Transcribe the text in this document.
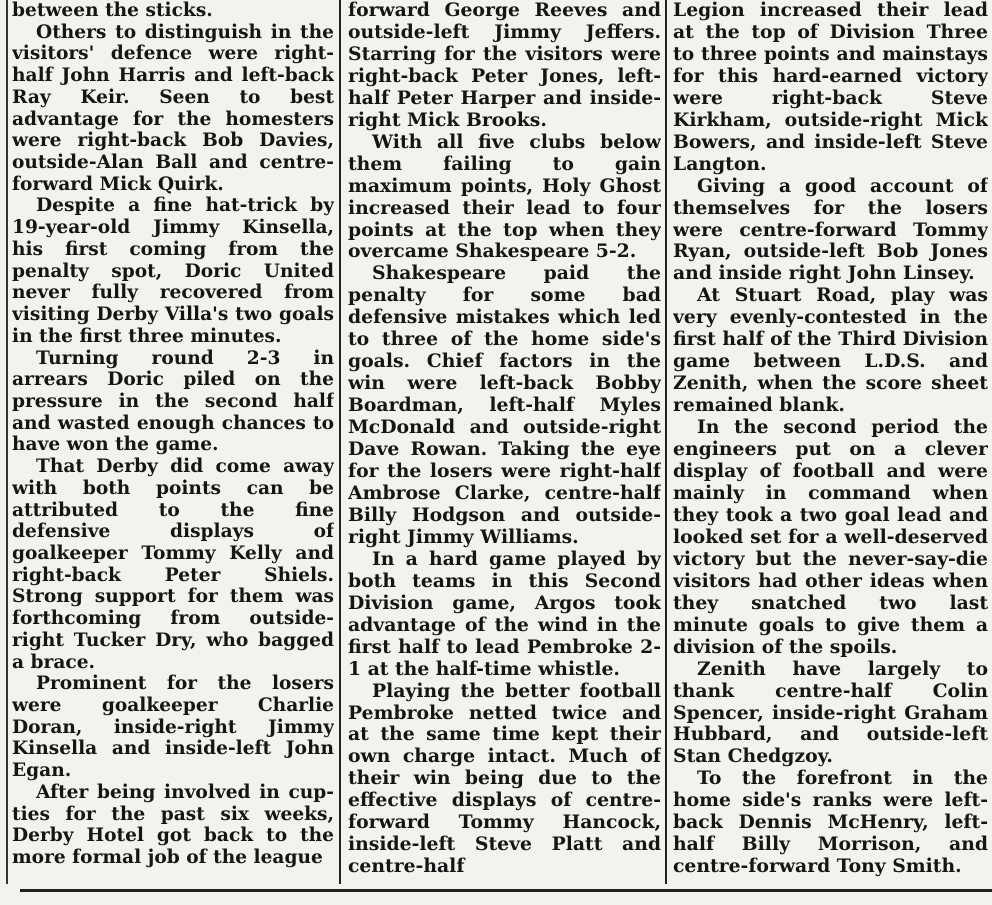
between the sticks.

Others to distinguish in the visitors' defence were right-half John Harris and left-back Ray Keir. Seen to best advantage for the homesters were right-back Bob Davies, outside-Alan Ball and centre-forward Mick Quirk.

Despite a fine hat-trick by 19-year-old Jimmy Kinsella, his first coming from the penalty spot, Doric United never fully recovered from visiting Derby Villa's two goals in the first three minutes.

Turning round 2-3 in arrears Doric piled on the pressure in the second half and wasted enough chances to have won the game.

That Derby did come away with both points can be attributed to the fine defensive displays of goalkeeper Tommy Kelly and right-back Peter Shiels. Strong support for them was forthcoming from outside-right Tucker Dry, who bagged a brace.

Prominent for the losers were goalkeeper Charlie Doran, inside-right Jimmy Kinsella and inside-left John Egan.

After being involved in cup-ties for the past six weeks, Derby Hotel got back to the more formal job of the league

forward George Reeves and outside-left Jimmy Jeffers. Starring for the visitors were right-back Peter Jones, left-half Peter Harper and inside-right Mick Brooks.

With all five clubs below them failing to gain maximum points, Holy Ghost increased their lead to four points at the top when they overcame Shakespeare 5-2.

Shakespeare paid the penalty for some bad defensive mistakes which led to three of the home side's goals. Chief factors in the win were left-back Bobby Boardman, left-half Myles McDonald and outside-right Dave Rowan. Taking the eye for the losers were right-half Ambrose Clarke, centre-half Billy Hodgson and outside-right Jimmy Williams.

In a hard game played by both teams in this Second Division game, Argos took advantage of the wind in the first half to lead Pembroke 2-1 at the half-time whistle.

Playing the better football Pembroke netted twice and at the same time kept their own charge intact. Much of their win being due to the effective displays of centre-forward Tommy Hancock, inside-left Steve Platt and centre-half

Legion increased their lead at the top of Division Three to three points and mainstays for this hard-earned victory were right-back Steve Kirkham, outside-right Mick Bowers, and inside-left Steve Langton.

Giving a good account of themselves for the losers were centre-forward Tommy Ryan, outside-left Bob Jones and inside right John Linsey.

At Stuart Road, play was very evenly-contested in the first half of the Third Division game between L.D.S. and Zenith, when the score sheet remained blank.

In the second period the engineers put on a clever display of football and were mainly in command when they took a two goal lead and looked set for a well-deserved victory but the never-say-die visitors had other ideas when they snatched two last minute goals to give them a division of the spoils.

Zenith have largely to thank centre-half Colin Spencer, inside-right Graham Hubbard, and outside-left Stan Chedgzoy.

To the forefront in the home side's ranks were left-back Dennis McHenry, left-half Billy Morrison, and centre-forward Tony Smith.
